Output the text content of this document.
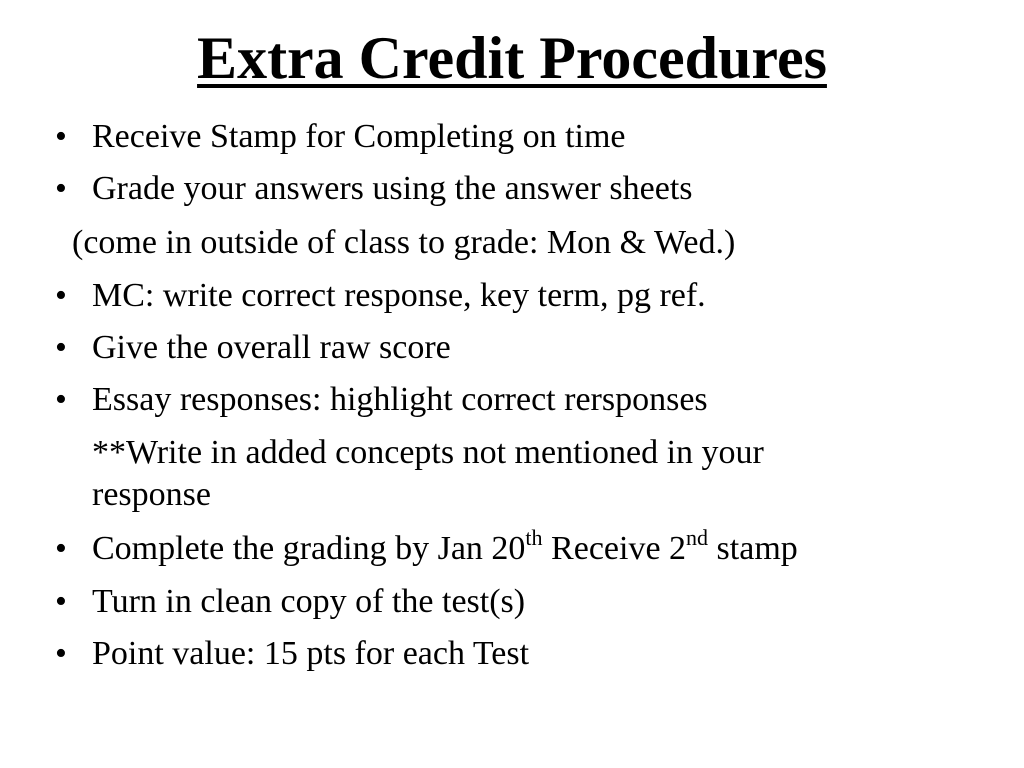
Extra Credit Procedures
• Receive Stamp for Completing on time
• Grade your answers using the answer sheets
(come in outside of class to grade: Mon & Wed.)
• MC: write correct response, key term, pg ref.
• Give the overall raw score
• Essay responses: highlight correct rersponses
**Write in added concepts not mentioned in your
response
• Complete the grading by Jan 20th Receive 2nd stamp
• Turn in clean copy of the test(s)
• Point value: 15 pts for each Test
